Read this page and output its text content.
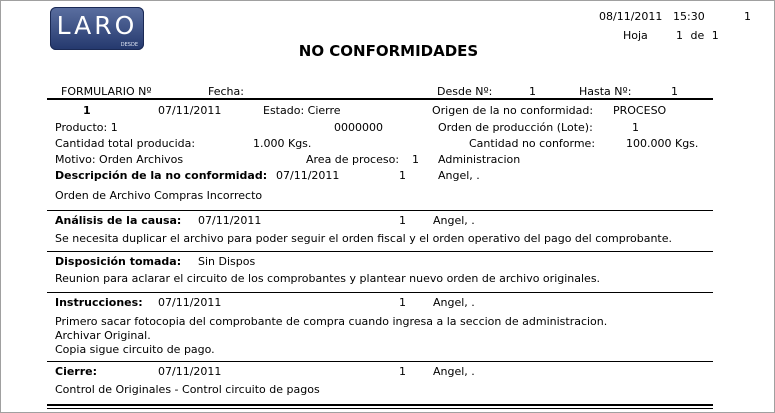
LARO
DESDE
08/11/2011 15:30	1
Hoja	1 de 1
NO CONFORMIDADES
FORMULARIO Nº	Fecha:	Desde Nº:	1	Hasta Nº:	1
1	07/11/2011	Estado: Cierre	Origen de la no conformidad: PROCESO
Producto: 1	0000000	Orden de producción (Lote):	1
Cantidad total producida:	1.000 Kgs.	Cantidad no conforme:	100.000 Kgs.
Motivo: Orden Archivos	Area de proceso: 1 Administracion
Descripción de la no conformidad: 07/11/2011	1	Angel, .
Orden de Archivo Compras Incorrecto
Análisis de la causa: 07/11/2011	1 Angel, .
Se necesita duplicar el archivo para poder seguir el orden fiscal y el orden operativo del pago del comprobante.
Disposición tomada: Sin Dispos
Reunion para aclarar el circuito de los comprobantes y plantear nuevo orden de archivo originales.
Instrucciones: 07/11/2011	1 Angel, .
Primero sacar fotocopia del comprobante de compra cuando ingresa a la seccion de administracion.
Archivar Original.
Copia sigue circuito de pago.
Cierre:	07/11/2011	1 Angel, .
Control de Originales - Control circuito de pagos
